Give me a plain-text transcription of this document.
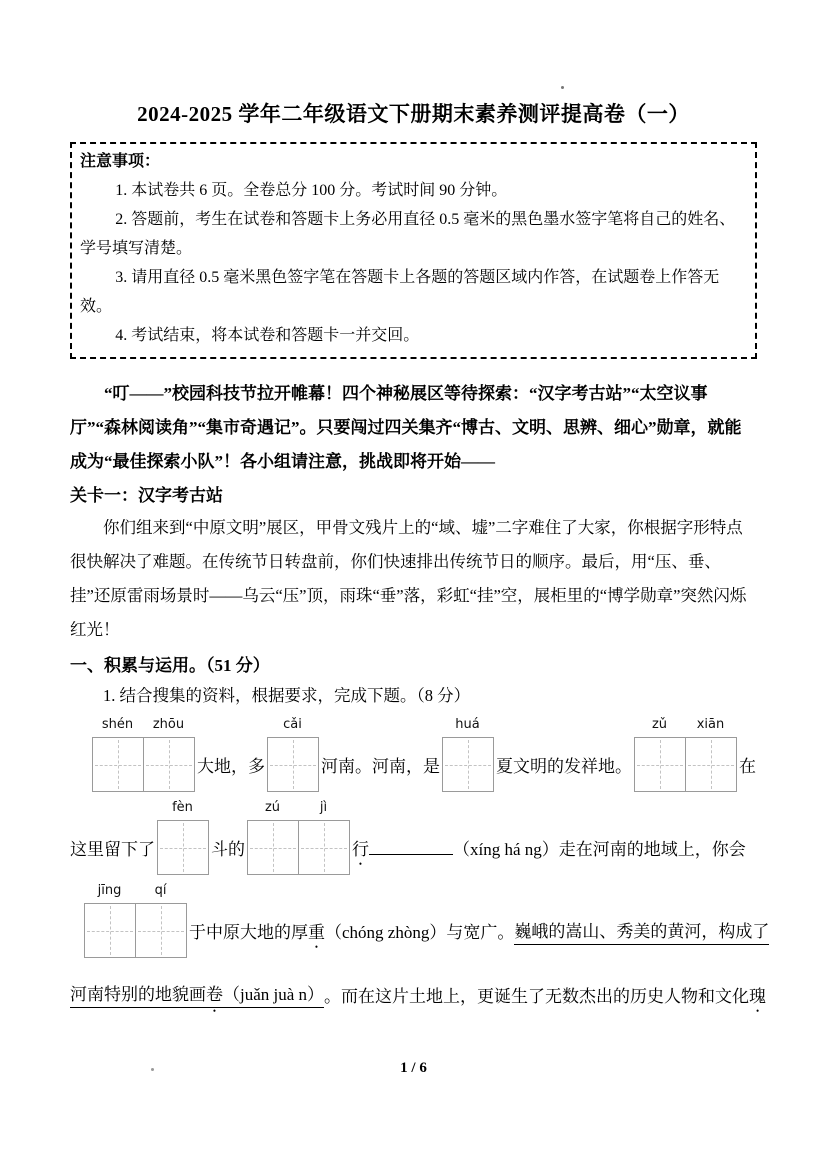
2024-2025 学年二年级语文下册期末素养测评提高卷（一）
注意事项：

1. 本试卷共 6 页。全卷总分 100 分。考试时间 90 分钟。

2. 答题前，考生在试卷和答题卡上务必用直径 0.5 毫米的黑色墨水签字笔将自己的姓名、学号填写清楚。

3. 请用直径 0.5 毫米黑色签字笔在答题卡上各题的答题区域内作答，在试题卷上作答无效。

4. 考试结束，将本试卷和答题卡一并交回。

“叮——”校园科技节拉开帷幕！四个神秘展区等待探索：“汉字考古站”“太空议事厅”“森林阅读角”“集市奇遇记”。只要闯过四关集齐“博古、文明、思辨、细心”勋章，就能成为“最佳探索小队”！各小组请注意，挑战即将开始——

关卡一：汉字考古站

你们组来到“中原文明”展区，甲骨文残片上的“域、墟”二字难住了大家，你根据字形特点很快解决了难题。在传统节日转盘前，你们快速排出传统节日的顺序。最后，用“压、垂、挂”还原雷雨场景时——乌云“压”顶，雨珠“垂”落，彩虹“挂”空，展柜里的“博学勋章”突然闪烁红光！

一、积累与运用。（51 分）

1. 结合搜集的资料，根据要求，完成下题。（8 分）

shén	zhōu
大地，多
cǎi
河南。河南，是
huá
夏文明的发祥地。
zǔ	xiān
在
这里留下了
fèn
斗的
zú	jì
行 •	（xíng há ng）走在河南的地域上，你会
jīng	qí
于中原大地的厚 重 • （chóng zhòng）与宽广。 巍峨的嵩山、秀美的黄河，构成了
河南特别的地貌画 卷 • （juǎn juà n） 。而在这片土地上，更诞生了无数杰出的历史人物和文化 瑰 •
1 / 6
